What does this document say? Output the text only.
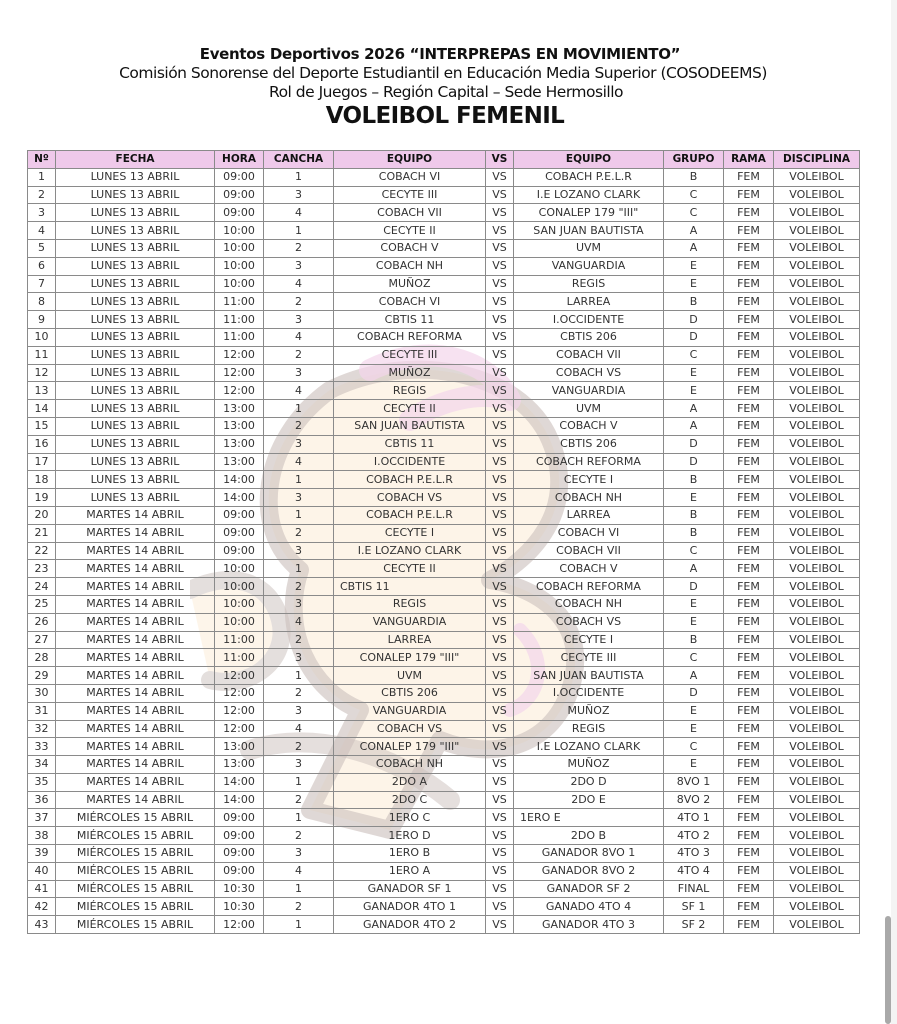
Eventos Deportivos 2026 “INTERPREPAS EN MOVIMIENTO”
Comisión Sonorense del Deporte Estudiantil en Educación Media Superior (COSODEEMS)
Rol de Juegos – Región Capital – Sede Hermosillo
VOLEIBOL FEMENIL
Nº	FECHA	HORA	CANCHA	EQUIPO	VS	EQUIPO	GRUPO	RAMA	DISCIPLINA
1	LUNES 13 ABRIL	09:00	1	COBACH VI	VS	COBACH P.E.L.R	B	FEM	VOLEIBOL
2	LUNES 13 ABRIL	09:00	3	CECYTE III	VS	I.E LOZANO CLARK	C	FEM	VOLEIBOL
3	LUNES 13 ABRIL	09:00	4	COBACH VII	VS	CONALEP 179 "III"	C	FEM	VOLEIBOL
4	LUNES 13 ABRIL	10:00	1	CECYTE II	VS	SAN JUAN BAUTISTA	A	FEM	VOLEIBOL
5	LUNES 13 ABRIL	10:00	2	COBACH V	VS	UVM	A	FEM	VOLEIBOL
6	LUNES 13 ABRIL	10:00	3	COBACH NH	VS	VANGUARDIA	E	FEM	VOLEIBOL
7	LUNES 13 ABRIL	10:00	4	MUÑOZ	VS	REGIS	E	FEM	VOLEIBOL
8	LUNES 13 ABRIL	11:00	2	COBACH VI	VS	LARREA	B	FEM	VOLEIBOL
9	LUNES 13 ABRIL	11:00	3	CBTIS 11	VS	I.OCCIDENTE	D	FEM	VOLEIBOL
10	LUNES 13 ABRIL	11:00	4	COBACH REFORMA	VS	CBTIS 206	D	FEM	VOLEIBOL
11	LUNES 13 ABRIL	12:00	2	CECYTE III	VS	COBACH VII	C	FEM	VOLEIBOL
12	LUNES 13 ABRIL	12:00	3	MUÑOZ	VS	COBACH VS	E	FEM	VOLEIBOL
13	LUNES 13 ABRIL	12:00	4	REGIS	VS	VANGUARDIA	E	FEM	VOLEIBOL
14	LUNES 13 ABRIL	13:00	1	CECYTE II	VS	UVM	A	FEM	VOLEIBOL
15	LUNES 13 ABRIL	13:00	2	SAN JUAN BAUTISTA	VS	COBACH V	A	FEM	VOLEIBOL
16	LUNES 13 ABRIL	13:00	3	CBTIS 11	VS	CBTIS 206	D	FEM	VOLEIBOL
17	LUNES 13 ABRIL	13:00	4	I.OCCIDENTE	VS	COBACH REFORMA	D	FEM	VOLEIBOL
18	LUNES 13 ABRIL	14:00	1	COBACH P.E.L.R	VS	CECYTE I	B	FEM	VOLEIBOL
19	LUNES 13 ABRIL	14:00	3	COBACH VS	VS	COBACH NH	E	FEM	VOLEIBOL
20	MARTES 14 ABRIL	09:00	1	COBACH P.E.L.R	VS	LARREA	B	FEM	VOLEIBOL
21	MARTES 14 ABRIL	09:00	2	CECYTE I	VS	COBACH VI	B	FEM	VOLEIBOL
22	MARTES 14 ABRIL	09:00	3	I.E LOZANO CLARK	VS	COBACH VII	C	FEM	VOLEIBOL
23	MARTES 14 ABRIL	10:00	1	CECYTE II	VS	COBACH V	A	FEM	VOLEIBOL
24	MARTES 14 ABRIL	10:00	2	CBTIS 11	VS	COBACH REFORMA	D	FEM	VOLEIBOL
25	MARTES 14 ABRIL	10:00	3	REGIS	VS	COBACH NH	E	FEM	VOLEIBOL
26	MARTES 14 ABRIL	10:00	4	VANGUARDIA	VS	COBACH VS	E	FEM	VOLEIBOL
27	MARTES 14 ABRIL	11:00	2	LARREA	VS	CECYTE I	B	FEM	VOLEIBOL
28	MARTES 14 ABRIL	11:00	3	CONALEP 179 "III"	VS	CECYTE III	C	FEM	VOLEIBOL
29	MARTES 14 ABRIL	12:00	1	UVM	VS	SAN JUAN BAUTISTA	A	FEM	VOLEIBOL
30	MARTES 14 ABRIL	12:00	2	CBTIS 206	VS	I.OCCIDENTE	D	FEM	VOLEIBOL
31	MARTES 14 ABRIL	12:00	3	VANGUARDIA	VS	MUÑOZ	E	FEM	VOLEIBOL
32	MARTES 14 ABRIL	12:00	4	COBACH VS	VS	REGIS	E	FEM	VOLEIBOL
33	MARTES 14 ABRIL	13:00	2	CONALEP 179 "III"	VS	I.E LOZANO CLARK	C	FEM	VOLEIBOL
34	MARTES 14 ABRIL	13:00	3	COBACH NH	VS	MUÑOZ	E	FEM	VOLEIBOL
35	MARTES 14 ABRIL	14:00	1	2DO A	VS	2DO D	8VO 1	FEM	VOLEIBOL
36	MARTES 14 ABRIL	14:00	2	2DO C	VS	2DO E	8VO 2	FEM	VOLEIBOL
37	MIÉRCOLES 15 ABRIL	09:00	1	1ERO C	VS	1ERO E	4TO 1	FEM	VOLEIBOL
38	MIÉRCOLES 15 ABRIL	09:00	2	1ERO D	VS	2DO B	4TO 2	FEM	VOLEIBOL
39	MIÉRCOLES 15 ABRIL	09:00	3	1ERO B	VS	GANADOR 8VO 1	4TO 3	FEM	VOLEIBOL
40	MIÉRCOLES 15 ABRIL	09:00	4	1ERO A	VS	GANADOR 8VO 2	4TO 4	FEM	VOLEIBOL
41	MIÉRCOLES 15 ABRIL	10:30	1	GANADOR SF 1	VS	GANADOR SF 2	FINAL	FEM	VOLEIBOL
42	MIÉRCOLES 15 ABRIL	10:30	2	GANADOR 4TO 1	VS	GANADO 4TO 4	SF 1	FEM	VOLEIBOL
43	MIÉRCOLES 15 ABRIL	12:00	1	GANADOR 4TO 2	VS	GANADOR 4TO 3	SF 2	FEM	VOLEIBOL
